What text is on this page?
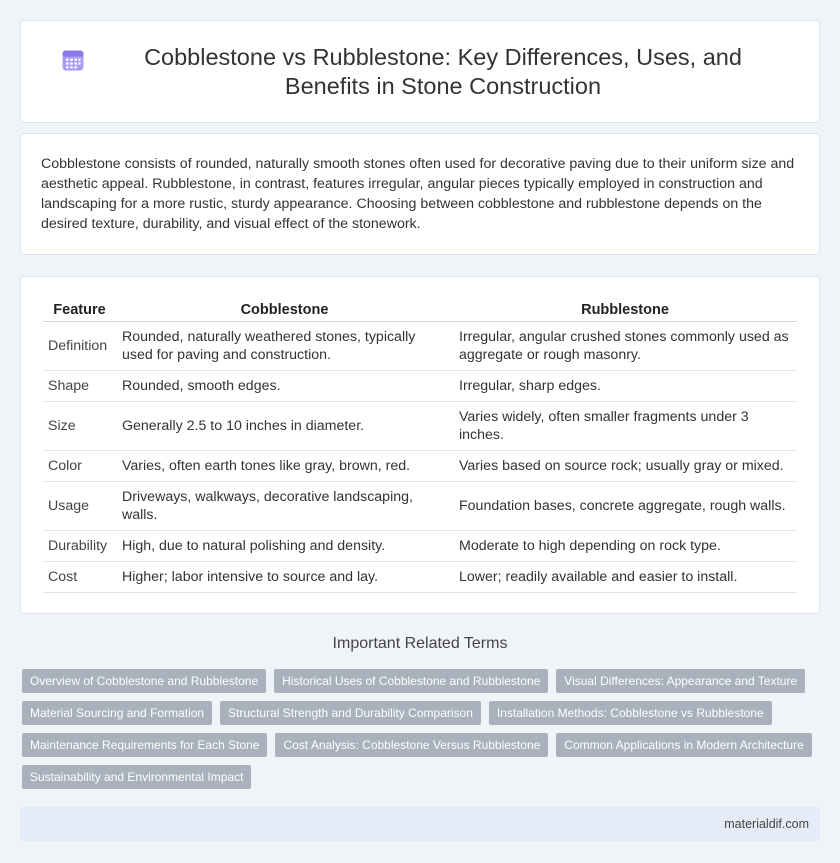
Cobblestone vs Rubblestone: Key Differences, Uses, and Benefits in Stone Construction

Cobblestone consists of rounded, naturally smooth stones often used for decorative paving due to their uniform size and aesthetic appeal. Rubblestone, in contrast, features irregular, angular pieces typically employed in construction and landscaping for a more rustic, sturdy appearance. Choosing between cobblestone and rubblestone depends on the desired texture, durability, and visual effect of the stonework.

Feature	Cobblestone	Rubblestone
Definition	Rounded, naturally weathered stones, typically used for paving and construction.	Irregular, angular crushed stones commonly used as aggregate or rough masonry.
Shape	Rounded, smooth edges.	Irregular, sharp edges.
Size	Generally 2.5 to 10 inches in diameter.	Varies widely, often smaller fragments under 3 inches.
Color	Varies, often earth tones like gray, brown, red.	Varies based on source rock; usually gray or mixed.
Usage	Driveways, walkways, decorative landscaping, walls.	Foundation bases, concrete aggregate, rough walls.
Durability	High, due to natural polishing and density.	Moderate to high depending on rock type.
Cost	Higher; labor intensive to source and lay.	Lower; readily available and easier to install.
Important Related Terms
Overview of Cobblestone and Rubblestone	Historical Uses of Cobblestone and Rubblestone	Visual Differences: Appearance and Texture
Material Sourcing and Formation	Structural Strength and Durability Comparison	Installation Methods: Cobblestone vs Rubblestone
Maintenance Requirements for Each Stone	Cost Analysis: Cobblestone Versus Rubblestone	Common Applications in Modern Architecture
Sustainability and Environmental Impact
materialdif.com
